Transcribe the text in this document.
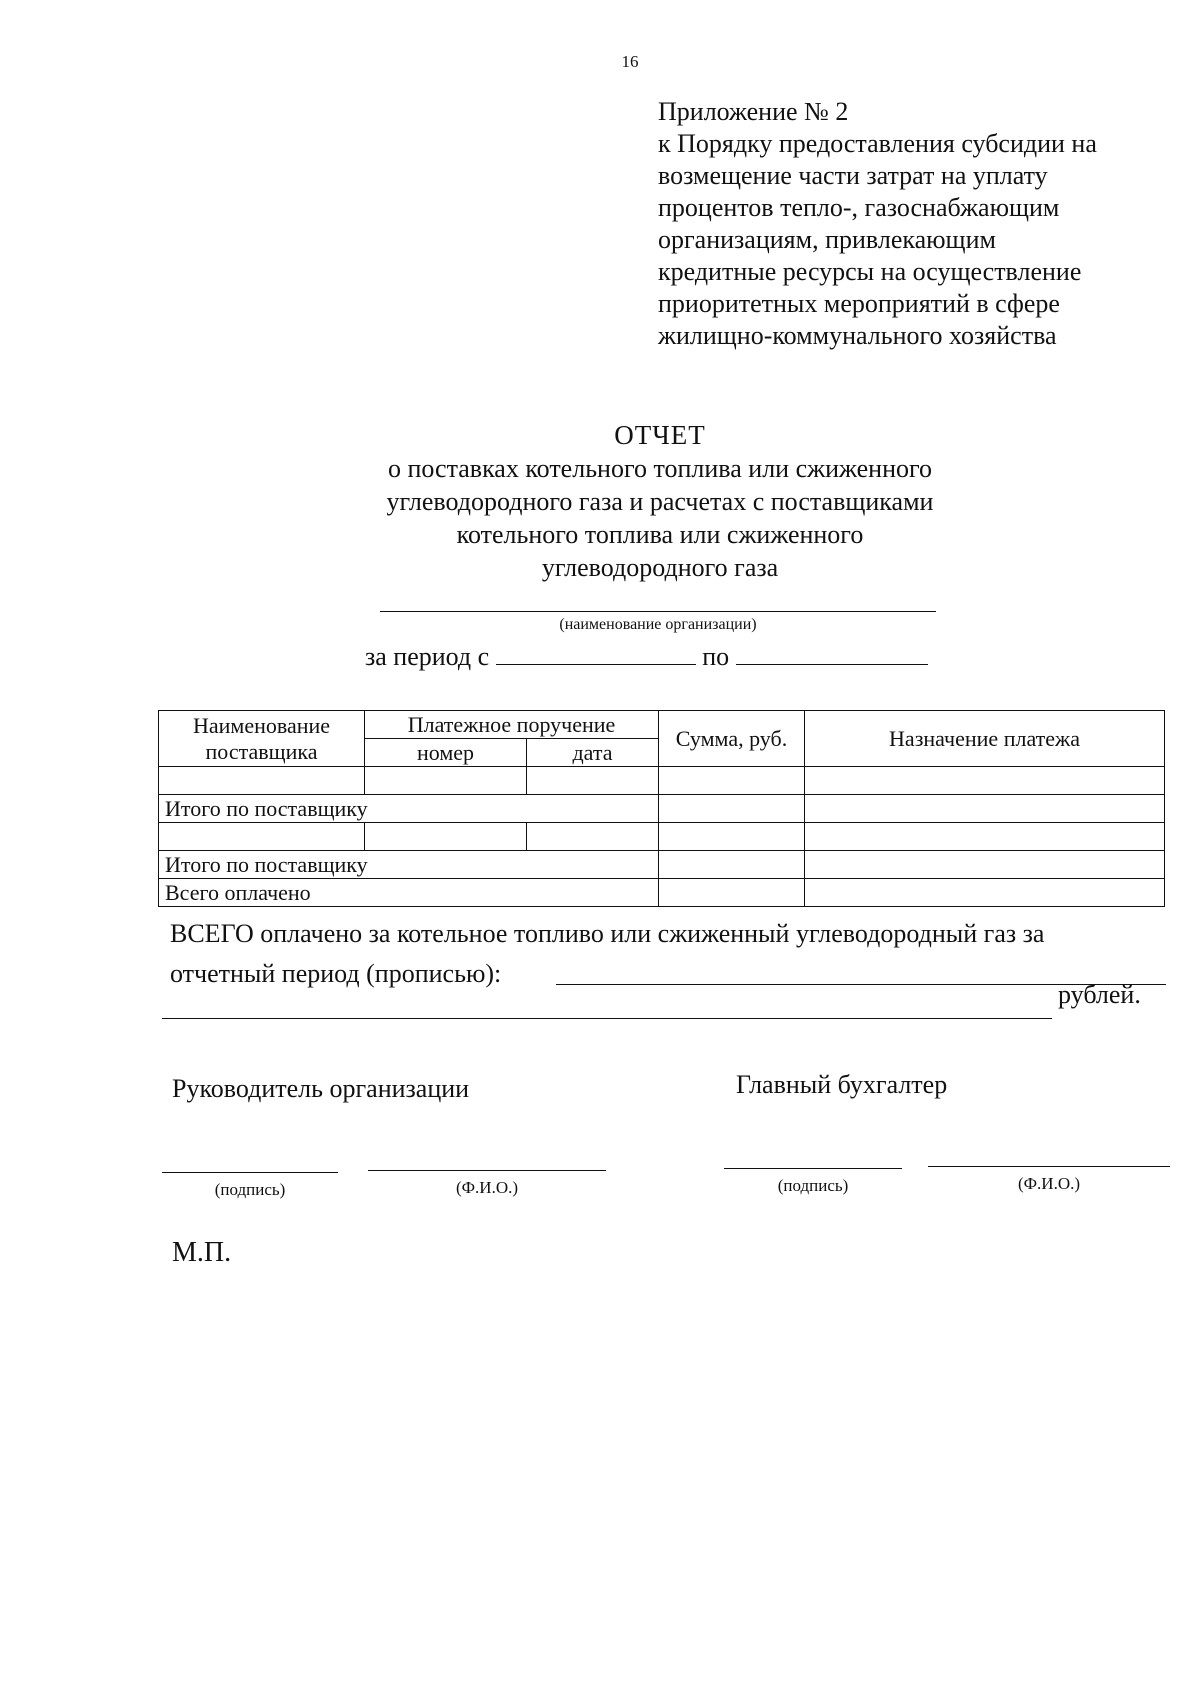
16
Приложение № 2
к Порядку предоставления субсидии на
возмещение части затрат на уплату
процентов тепло-, газоснабжающим
организациям, привлекающим
кредитные ресурсы на осуществление
приоритетных мероприятий в сфере
жилищно-коммунального хозяйства
ОТЧЕТ
о поставках котельного топлива или сжиженного
углеводородного газа и расчетах с поставщиками
котельного топлива или сжиженного
углеводородного газа
(наименование организации)
за период с	по
Наименование поставщика	Платежное поручение		Сумма, руб.	Назначение платежа
	номер	дата		

Итого по поставщику				

Итого по поставщику				
Всего оплачено				
ВСЕГО оплачено за котельное топливо или сжиженный углеводородный газ за
отчетный период (прописью):
рублей.
Руководитель организации	Главный бухгалтер
(подпись)	(Ф.И.О.)	(подпись)	(Ф.И.О.)
М.П.
